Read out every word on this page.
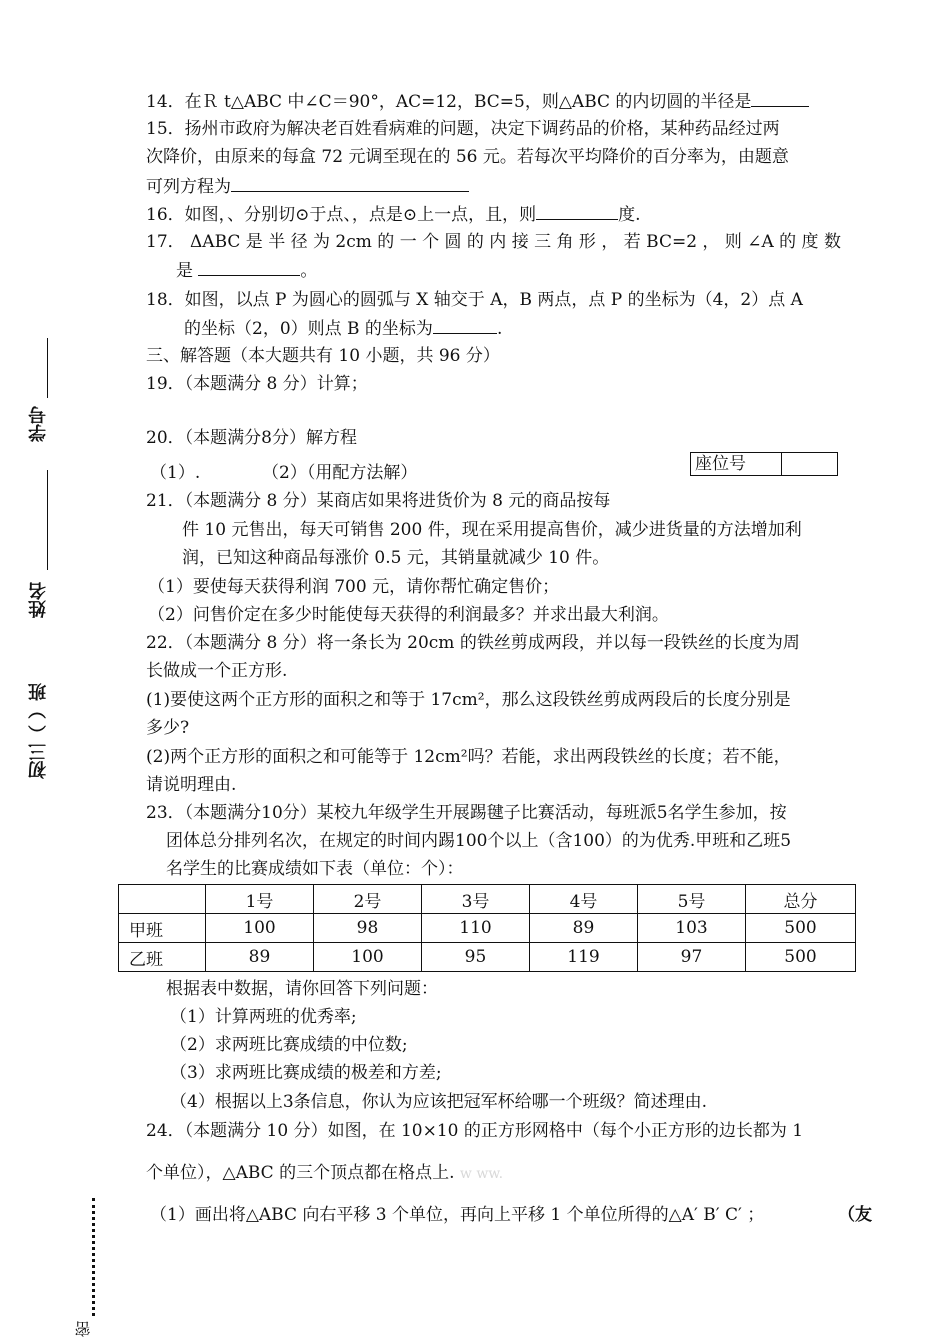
14．在Ｒ t△ABC 中∠C＝90°，AC=12，BC=5，则△ABC 的内切圆的半径是
15．扬州市政府为解决老百姓看病难的问题，决定下调药品的价格，某种药品经过两
次降价，由原来的每盒 72 元调至现在的 56 元。若每次平均降价的百分率为，由题意
可列方程为
16．如图，、分别切⊙于点、，点是⊙上一点，且，则	度.
17． ΔABC 是 半 径 为 2cm 的 一 个 圆 的 内 接 三 角 形 ， 若 BC=2 ， 则 ∠A 的 度 数
是	。
18．如图，以点 P 为圆心的圆弧与 X 轴交于 A，B 两点，点 P 的坐标为（4，2）点 A
的坐标（2，0）则点 B 的坐标为	.
三、解答题（本大题共有 10 小题，共 96 分）
19．（本题满分 8 分）计算；
20．（本题满分8分）解方程
（1）.	（2）（用配方法解）	座位号
21．（本题满分 8 分）某商店如果将进货价为 8 元的商品按每
件 10 元售出，每天可销售 200 件，现在采用提高售价，减少进货量的方法增加利
润，已知这种商品每涨价 0.5 元，其销量就减少 10 件。
（1）要使每天获得利润 700 元，请你帮忙确定售价；
（2）问售价定在多少时能使每天获得的利润最多？并求出最大利润。
22．（本题满分 8 分）将一条长为 20cm 的铁丝剪成两段，并以每一段铁丝的长度为周
长做成一个正方形.
(1)要使这两个正方形的面积之和等于 17cm²，那么这段铁丝剪成两段后的长度分别是
多少?
(2)两个正方形的面积之和可能等于 12cm²吗？若能，求出两段铁丝的长度；若不能，
请说明理由.
23．（本题满分10分）某校九年级学生开展踢毽子比赛活动，每班派5名学生参加，按
团体总分排列名次，在规定的时间内踢100个以上（含100）的为优秀.甲班和乙班5
名学生的比赛成绩如下表（单位：个）：
	1号	2号	3号	4号	5号	总分
甲班	100	98	110	89	103	500
乙班	89	100	95	119	97	500
根据表中数据，请你回答下列问题：
（1）计算两班的优秀率;
（2）求两班比赛成绩的中位数;
（3）求两班比赛成绩的极差和方差;
（4）根据以上3条信息，你认为应该把冠军杯给哪一个班级？简述理由.
24．（本题满分 10 分）如图，在 10×10 的正方形网格中（每个小正方形的边长都为 1
个单位），△ABC 的三个顶点都在格点上. w ww.
（1）画出将△ABC 向右平移 3 个单位，再向上平移 1 个单位所得的△A′ B′ C′ ；	（友
学号
姓名
初三（ ）班
密
